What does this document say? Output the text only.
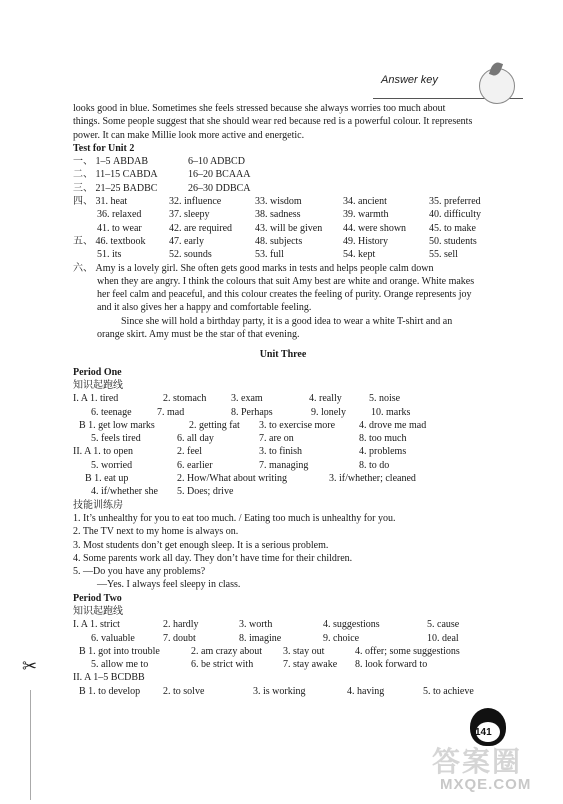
Answer key

looks good in blue. Sometimes she feels stressed because she always worries too much about

things. Some people suggest that she should wear red because red is a powerful colour. It represents

power. It can make Millie look more active and energetic.

Test for Unit 2

一、 1–5 ABDAB	6–10 ADBCD
二、 11–15 CABDA	16–20 BCAAA
三、 21–25 BADBC	26–30 DDBCA
四、 31. heat	32. influence	33. wisdom	34. ancient	35. preferred
36. relaxed	37. sleepy	38. sadness	39. warmth	40. difficulty
41. to wear	42. are required	43. will be given	44. were shown	45. to make
五、 46. textbook	47. early	48. subjects	49. History	50. students
51. its	52. sounds	53. full	54. kept	55. sell

六、 Amy is a lovely girl. She often gets good marks in tests and helps people calm down

when they are angry. I think the colours that suit Amy best are white and orange. White makes

her feel calm and peaceful, and this colour creates the feeling of purity. Orange represents joy

and it also gives her a happy and comfortable feeling.

Since she will hold a birthday party, it is a good idea to wear a white T-shirt and an

orange skirt. Amy must be the star of that evening.

Unit Three

Period One

知识起跑线

I. A 1. tired	2. stomach	3. exam	4. really	5. noise
6. teenage	7. mad	8. Perhaps	9. lonely	10. marks
B 1. get low marks	2. getting fat	3. to exercise more	4. drove me mad
5. feels tired	6. all day	7. are on	8. too much
II. A 1. to open	2. feel	3. to finish	4. problems
5. worried	6. earlier	7. managing	8. to do
B 1. eat up	2. How/What about writing	3. if/whether; cleaned
4. if/whether she	5. Does; drive

技能训练房

1. It’s unhealthy for you to eat too much. / Eating too much is unhealthy for you.

2. The TV next to my home is always on.

3. Most students don’t get enough sleep. It is a serious problem.

4. Some parents work all day. They don’t have time for their children.

5. —Do you have any problems?

—Yes. I always feel sleepy in class.

Period Two

知识起跑线

I. A 1. strict	2. hardly	3. worth	4. suggestions	5. cause
6. valuable	7. doubt	8. imagine	9. choice	10. deal
B 1. got into trouble	2. am crazy about	3. stay out	4. offer; some suggestions
5. allow me to	6. be strict with	7. stay awake	8. look forward to

II. A 1–5 BCDBB

B 1. to develop	2. to solve	3. is working	4. having	5. to achieve
✂
141
答案圈
MXQE.COM
